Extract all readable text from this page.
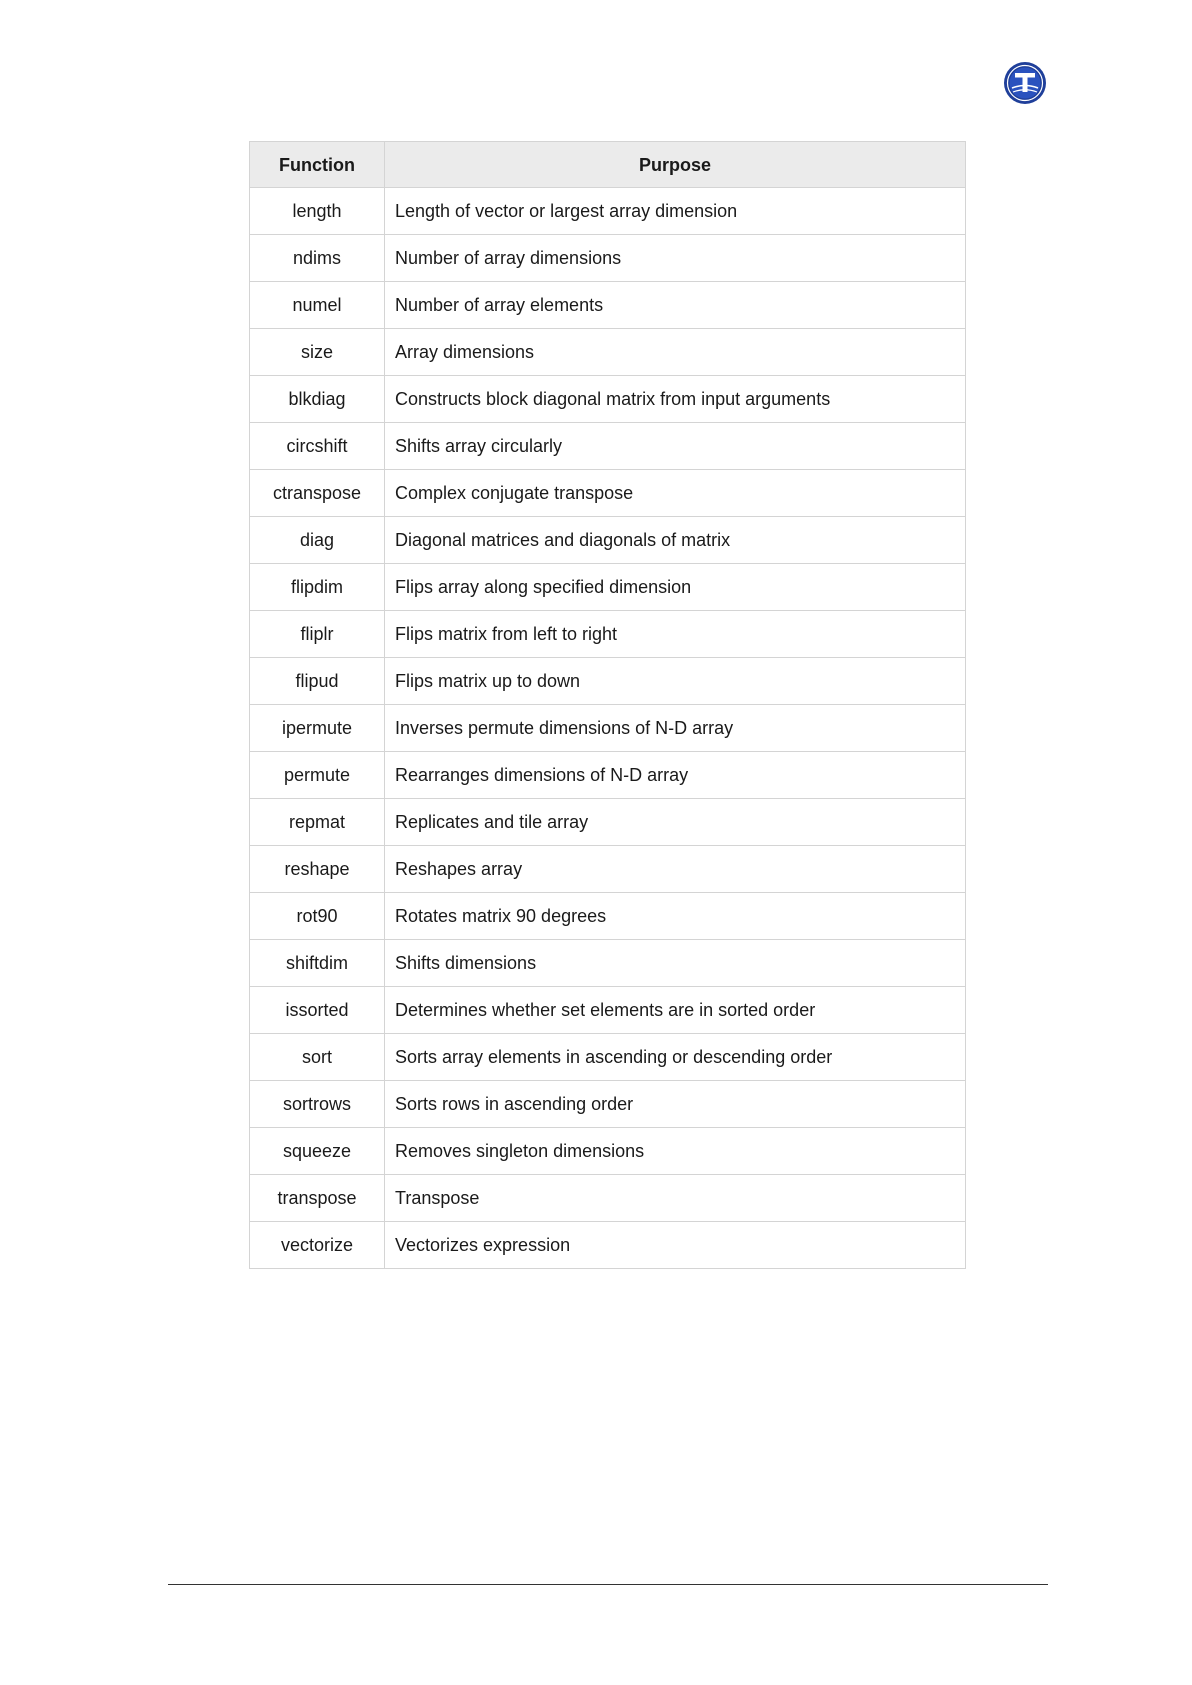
Function	Purpose
length	Length of vector or largest array dimension
ndims	Number of array dimensions
numel	Number of array elements
size	Array dimensions
blkdiag	Constructs block diagonal matrix from input arguments
circshift	Shifts array circularly
ctranspose	Complex conjugate transpose
diag	Diagonal matrices and diagonals of matrix
flipdim	Flips array along specified dimension
fliplr	Flips matrix from left to right
flipud	Flips matrix up to down
ipermute	Inverses permute dimensions of N-D array
permute	Rearranges dimensions of N-D array
repmat	Replicates and tile array
reshape	Reshapes array
rot90	Rotates matrix 90 degrees
shiftdim	Shifts dimensions
issorted	Determines whether set elements are in sorted order
sort	Sorts array elements in ascending or descending order
sortrows	Sorts rows in ascending order
squeeze	Removes singleton dimensions
transpose	Transpose
vectorize	Vectorizes expression
